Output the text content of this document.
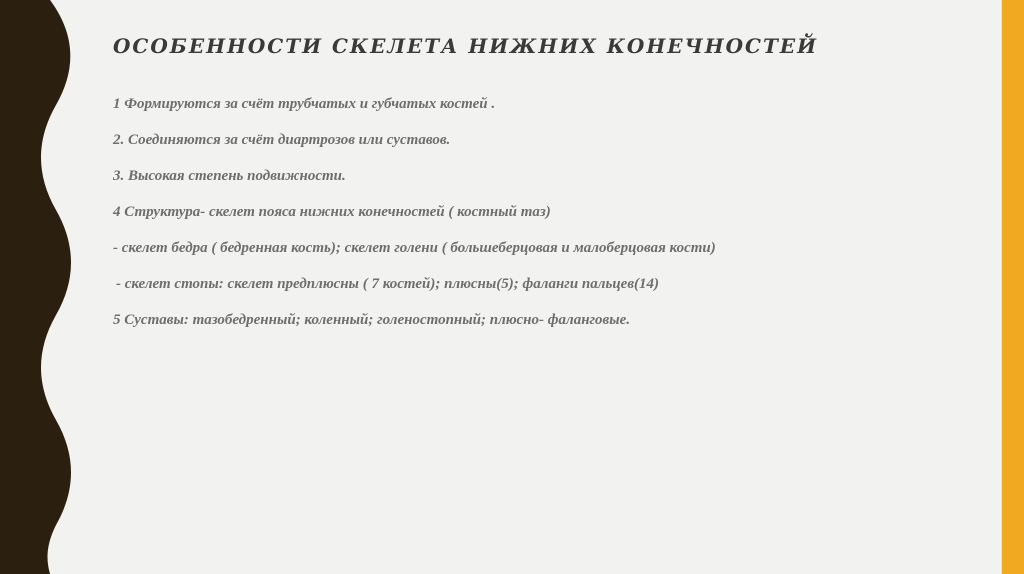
ОСОБЕННОСТИ СКЕЛЕТА НИЖНИХ КОНЕЧНОСТЕЙ
1 Формируются за счёт трубчатых и губчатых костей .
2. Соединяются за счёт диартрозов или суставов.
3. Высокая степень подвижности.
4 Структура- скелет пояса нижних конечностей ( костный таз)
- скелет бедра ( бедренная кость); скелет голени ( большеберцовая и малоберцовая кости)
- скелет стопы: скелет предплюсны ( 7 костей); плюсны(5); фаланги пальцев(14)
5 Суставы: тазобедренный; коленный; голеностопный; плюсно- фаланговые.
